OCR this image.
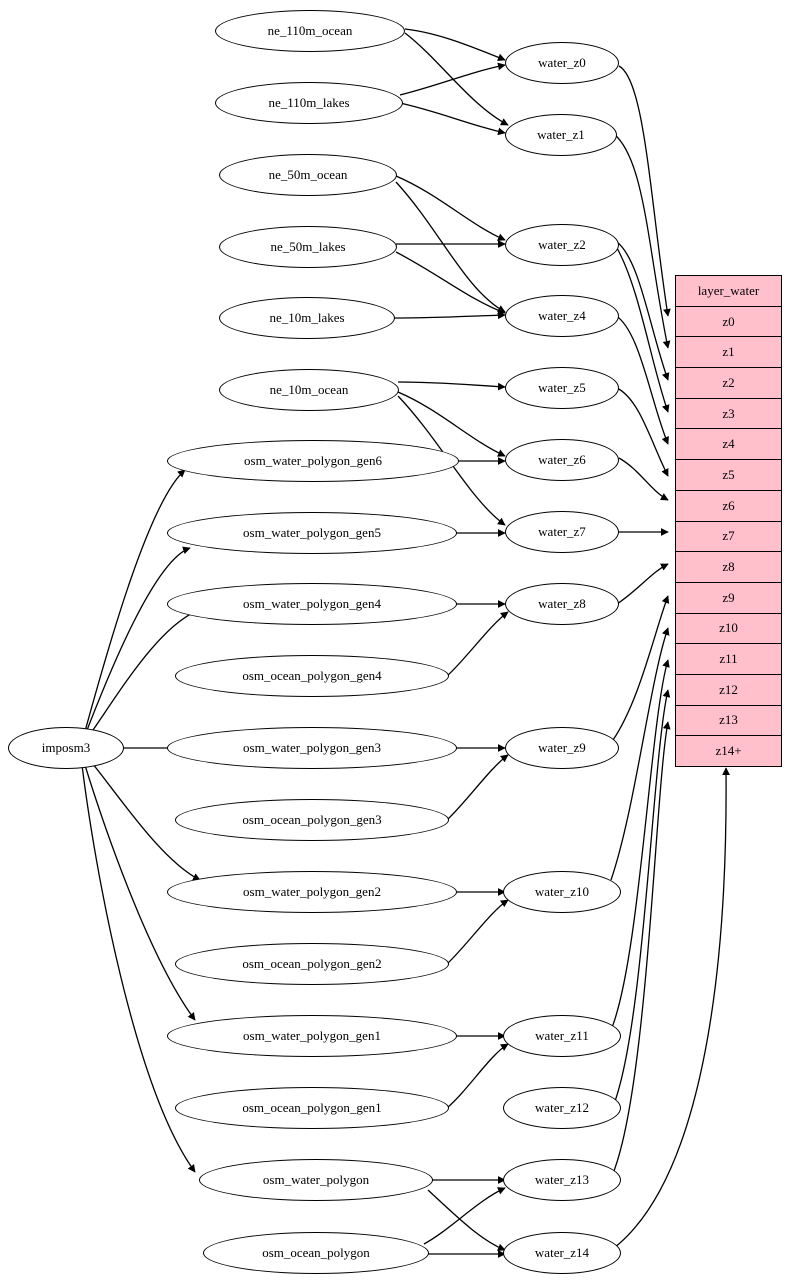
ne_110m_ocean
ne_110m_lakes
ne_50m_ocean
ne_50m_lakes
ne_10m_lakes
ne_10m_ocean
imposm3
osm_water_polygon_gen6
osm_water_polygon_gen5
osm_water_polygon_gen4
osm_ocean_polygon_gen4
osm_water_polygon_gen3
osm_ocean_polygon_gen3
osm_water_polygon_gen2
osm_ocean_polygon_gen2
osm_water_polygon_gen1
osm_ocean_polygon_gen1
osm_water_polygon
osm_ocean_polygon
water_z0
water_z1
water_z2
water_z4
water_z5
water_z6
water_z7
water_z8
water_z9
water_z10
water_z11
water_z12
water_z13
water_z14
layer_water
z0
z1
z2
z3
z4
z5
z6
z7
z8
z9
z10
z11
z12
z13
z14+
